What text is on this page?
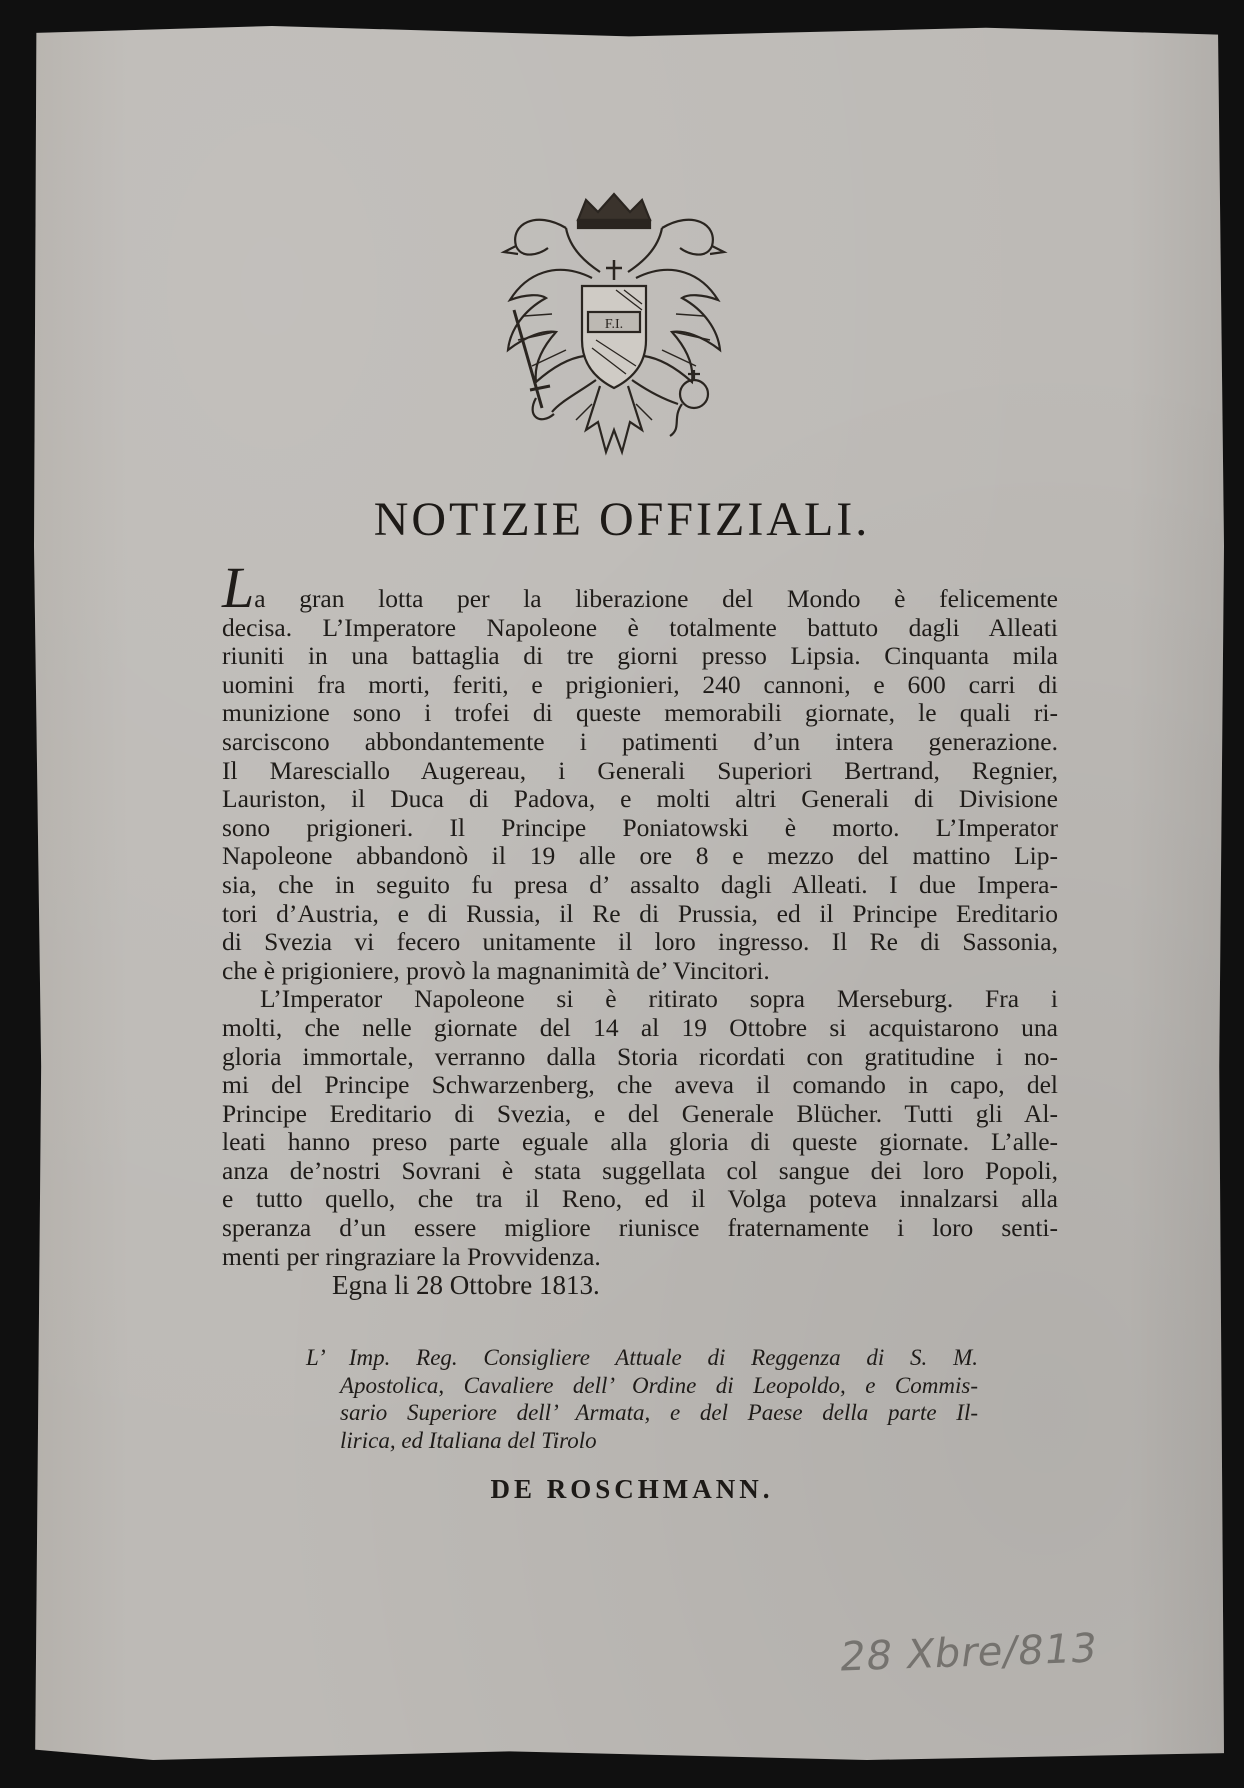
F.I.
NOTIZIE OFFIZIALI.
La gran lotta per la liberazione del Mondo è felicemente
decisa. L’Imperatore Napoleone è totalmente battuto dagli Alleati
riuniti in una battaglia di tre giorni presso Lipsia. Cinquanta mila
uomini fra morti, feriti, e prigionieri, 240 cannoni, e 600 carri di
munizione sono i trofei di queste memorabili giornate, le quali ri-
sarciscono abbondantemente i patimenti d’un intera generazione.
Il Maresciallo Augereau, i Generali Superiori Bertrand, Regnier,
Lauriston, il Duca di Padova, e molti altri Generali di Divisione
sono prigioneri. Il Principe Poniatowski è morto. L’Imperator
Napoleone abbandonò il 19 alle ore 8 e mezzo del mattino Lip-
sia, che in seguito fu presa d’ assalto dagli Alleati. I due Impera-
tori d’Austria, e di Russia, il Re di Prussia, ed il Principe Ereditario
di Svezia vi fecero unitamente il loro ingresso. Il Re di Sassonia,
che è prigioniere, provò la magnanimità de’ Vincitori.
L’Imperator Napoleone si è ritirato sopra Merseburg. Fra i
molti, che nelle giornate del 14 al 19 Ottobre si acquistarono una
gloria immortale, verranno dalla Storia ricordati con gratitudine i no-
mi del Principe Schwarzenberg, che aveva il comando in capo, del
Principe Ereditario di Svezia, e del Generale Blücher. Tutti gli Al-
leati hanno preso parte eguale alla gloria di queste giornate. L’alle-
anza de’nostri Sovrani è stata suggellata col sangue dei loro Popoli,
e tutto quello, che tra il Reno, ed il Volga poteva innalzarsi alla
speranza d’un essere migliore riunisce fraternamente i loro senti-
menti per ringraziare la Provvidenza.
Egna li 28 Ottobre 1813.
L’ Imp. Reg. Consigliere Attuale di Reggenza di S. M.
Apostolica, Cavaliere dell’ Ordine di Leopoldo, e Commis-
sario Superiore dell’ Armata, e del Paese della parte Il-
lirica, ed Italiana del Tirolo
DE ROSCHMANN.
28 Xbre/813
